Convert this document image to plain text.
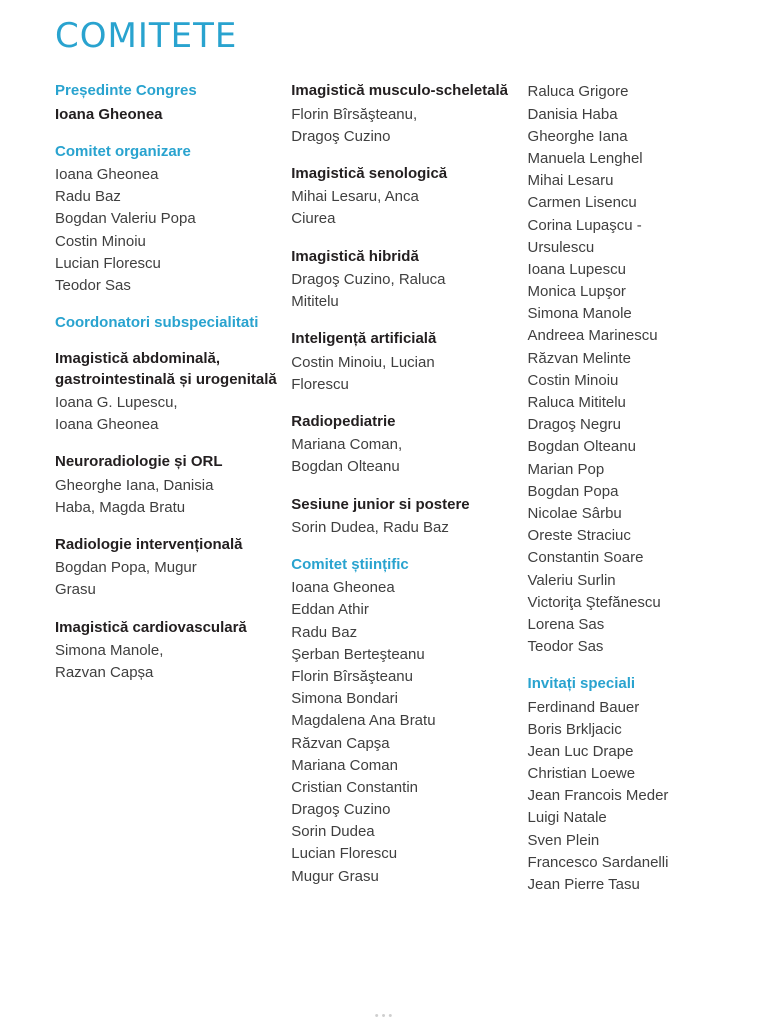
COMITETE
Președinte Congres
Ioana Gheonea
Comitet organizare
Ioana Gheonea
Radu Baz
Bogdan Valeriu Popa
Costin Minoiu
Lucian Florescu
Teodor Sas
Coordonatori subspecialitati
Imagistică abdominală, gastrointestinală și urogenitală
Ioana G. Lupescu,
Ioana Gheonea
Neuroradiologie și ORL
Gheorghe Iana, Danisia
Haba, Magda Bratu
Radiologie intervențională
Bogdan Popa, Mugur
Grasu
Imagistică cardiovasculară
Simona Manole,
Razvan Capșa
Imagistică musculo-scheletală
Florin Bîrsăşteanu,
Dragoş Cuzino
Imagistică senologică
Mihai Lesaru, Anca
Ciurea
Imagistică hibridă
Dragoş Cuzino, Raluca
Mititelu
Inteligență artificială
Costin Minoiu, Lucian
Florescu
Radiopediatrie
Mariana Coman,
Bogdan Olteanu
Sesiune junior si postere
Sorin Dudea, Radu Baz
Comitet științific
Ioana Gheonea
Eddan Athir
Radu Baz
Şerban Berteşteanu
Florin Bîrsăşteanu
Simona Bondari
Magdalena Ana Bratu
Răzvan Capşa
Mariana Coman
Cristian Constantin
Dragoş Cuzino
Sorin Dudea
Lucian Florescu
Mugur Grasu
Raluca Grigore
Danisia Haba
Gheorghe Iana
Manuela Lenghel
Mihai Lesaru
Carmen Lisencu
Corina Lupaşcu -
Ursulescu
Ioana Lupescu
Monica Lupşor
Simona Manole
Andreea Marinescu
Răzvan Melinte
Costin Minoiu
Raluca Mititelu
Dragoş Negru
Bogdan Olteanu
Marian Pop
Bogdan Popa
Nicolae Sârbu
Oreste Straciuc
Constantin Soare
Valeriu Surlin
Victoriţa Ştefănescu
Lorena Sas
Teodor Sas
Invitați speciali
Ferdinand Bauer
Boris Brkljacic
Jean Luc Drape
Christian Loewe
Jean Francois Meder
Luigi Natale
Sven Plein
Francesco Sardanelli
Jean Pierre Tasu
•••
